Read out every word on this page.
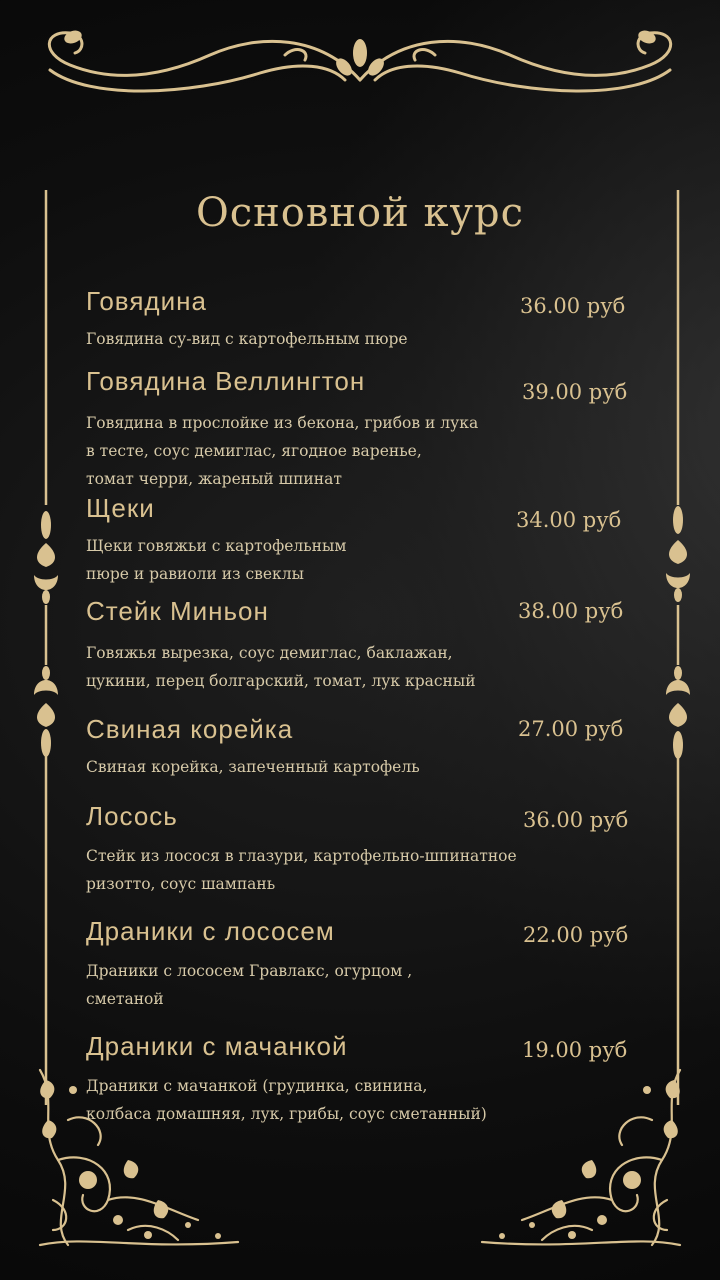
Основной курс
Говядина	36.00 руб
Говядина су-вид с картофельным пюре
Говядина Веллингтон	39.00 руб
Говядина в прослойке из бекона, грибов и лука
в тесте, соус демиглас, ягодное варенье,
томат черри, жареный шпинат
Щеки	34.00 руб
Щеки говяжьи с картофельным
пюре и равиоли из свеклы
Стейк Миньон	38.00 руб
Говяжья вырезка, соус демиглас, баклажан,
цукини, перец болгарский, томат, лук красный
Свиная корейка	27.00 руб
Свиная корейка, запеченный картофель
Лосось	36.00 руб
Стейк из лосося в глазури, картофельно-шпинатное
ризотто, соус шампань
Драники с лососем	22.00 руб
Драники с лососем Гравлакс, огурцом ,
сметаной
Драники с мачанкой	19.00 руб
Драники с мачанкой (грудинка, свинина,
колбаса домашняя, лук, грибы, соус сметанный)
